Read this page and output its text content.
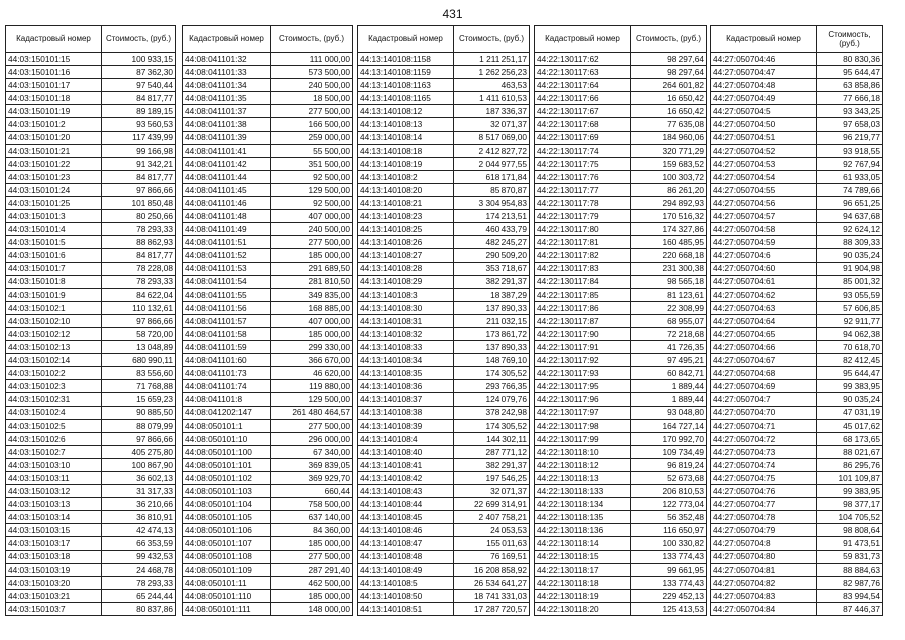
431
Кадастровый номер	Стоимость, (руб.)
44:03:150101:15	100 933,15
44:03:150101:16	87 362,30
44:03:150101:17	97 540,44
44:03:150101:18	84 817,77
44:03:150101:19	89 189,15
44:03:150101:2	93 560,53
44:03:150101:20	117 439,99
44:03:150101:21	99 166,98
44:03:150101:22	91 342,21
44:03:150101:23	84 817,77
44:03:150101:24	97 866,66
44:03:150101:25	101 850,48
44:03:150101:3	80 250,66
44:03:150101:4	78 293,33
44:03:150101:5	88 862,93
44:03:150101:6	84 817,77
44:03:150101:7	78 228,08
44:03:150101:8	78 293,33
44:03:150101:9	84 622,04
44:03:150102:1	110 132,61
44:03:150102:10	97 866,66
44:03:150102:12	58 720,00
44:03:150102:13	13 048,89
44:03:150102:14	680 990,11
44:03:150102:2	83 556,60
44:03:150102:3	71 768,88
44:03:150102:31	15 659,23
44:03:150102:4	90 885,50
44:03:150102:5	88 079,99
44:03:150102:6	97 866,66
44:03:150102:7	405 275,80
44:03:150103:10	100 867,90
44:03:150103:11	36 602,13
44:03:150103:12	31 317,33
44:03:150103:13	36 210,66
44:03:150103:14	36 810,91
44:03:150103:15	42 474,13
44:03:150103:17	66 353,59
44:03:150103:18	99 432,53
44:03:150103:19	24 468,78
44:03:150103:20	78 293,33
44:03:150103:21	65 244,44
44:03:150103:7	80 837,86
Кадастровый номер	Стоимость, (руб.)
44:08:041101:32	111 000,00
44:08:041101:33	573 500,00
44:08:041101:34	240 500,00
44:08:041101:35	18 500,00
44:08:041101:37	277 500,00
44:08:041101:38	166 500,00
44:08:041101:39	259 000,00
44:08:041101:41	55 500,00
44:08:041101:42	351 500,00
44:08:041101:44	92 500,00
44:08:041101:45	129 500,00
44:08:041101:46	92 500,00
44:08:041101:48	407 000,00
44:08:041101:49	240 500,00
44:08:041101:51	277 500,00
44:08:041101:52	185 000,00
44:08:041101:53	291 689,50
44:08:041101:54	281 810,50
44:08:041101:55	349 835,00
44:08:041101:56	168 885,00
44:08:041101:57	407 000,00
44:08:041101:58	185 000,00
44:08:041101:59	299 330,00
44:08:041101:60	366 670,00
44:08:041101:73	46 620,00
44:08:041101:74	119 880,00
44:08:041101:8	129 500,00
44:08:041202:147	261 480 464,57
44:08:050101:1	277 500,00
44:08:050101:10	296 000,00
44:08:050101:100	67 340,00
44:08:050101:101	369 839,05
44:08:050101:102	369 929,70
44:08:050101:103	660,44
44:08:050101:104	758 500,00
44:08:050101:105	637 140,00
44:08:050101:106	84 360,00
44:08:050101:107	185 000,00
44:08:050101:108	277 500,00
44:08:050101:109	287 291,40
44:08:050101:11	462 500,00
44:08:050101:110	185 000,00
44:08:050101:111	148 000,00
Кадастровый номер	Стоимость, (руб.)
44:13:140108:1158	1 211 251,17
44:13:140108:1159	1 262 256,23
44:13:140108:1163	463,53
44:13:140108:1165	1 411 610,53
44:13:140108:12	187 336,37
44:13:140108:13	32 071,37
44:13:140108:14	8 517 069,00
44:13:140108:18	2 412 827,72
44:13:140108:19	2 044 977,55
44:13:140108:2	618 171,84
44:13:140108:20	85 870,87
44:13:140108:21	3 304 954,83
44:13:140108:23	174 213,51
44:13:140108:25	460 433,79
44:13:140108:26	482 245,27
44:13:140108:27	290 509,20
44:13:140108:28	353 718,67
44:13:140108:29	382 291,37
44:13:140108:3	18 387,29
44:13:140108:30	137 890,33
44:13:140108:31	211 032,15
44:13:140108:32	173 861,72
44:13:140108:33	137 890,33
44:13:140108:34	148 769,10
44:13:140108:35	174 305,52
44:13:140108:36	293 766,35
44:13:140108:37	124 079,76
44:13:140108:38	378 242,98
44:13:140108:39	174 305,52
44:13:140108:4	144 302,11
44:13:140108:40	287 771,12
44:13:140108:41	382 291,37
44:13:140108:42	197 546,25
44:13:140108:43	32 071,37
44:13:140108:44	22 699 314,91
44:13:140108:45	2 407 758,21
44:13:140108:46	24 053,53
44:13:140108:47	155 011,63
44:13:140108:48	76 169,51
44:13:140108:49	16 208 858,92
44:13:140108:5	26 534 641,27
44:13:140108:50	18 741 331,03
44:13:140108:51	17 287 720,57
Кадастровый номер	Стоимость, (руб.)
44:22:130117:62	98 297,64
44:22:130117:63	98 297,64
44:22:130117:64	264 601,82
44:22:130117:66	16 650,42
44:22:130117:67	16 650,42
44:22:130117:68	77 635,08
44:22:130117:69	184 960,06
44:22:130117:74	320 771,29
44:22:130117:75	159 683,52
44:22:130117:76	100 303,72
44:22:130117:77	86 261,20
44:22:130117:78	294 892,93
44:22:130117:79	170 516,32
44:22:130117:80	174 327,86
44:22:130117:81	160 485,95
44:22:130117:82	220 668,18
44:22:130117:83	231 300,38
44:22:130117:84	98 565,18
44:22:130117:85	81 123,61
44:22:130117:86	22 308,99
44:22:130117:87	68 955,07
44:22:130117:90	72 218,68
44:22:130117:91	41 726,35
44:22:130117:92	97 495,21
44:22:130117:93	60 842,71
44:22:130117:95	1 889,44
44:22:130117:96	1 889,44
44:22:130117:97	93 048,80
44:22:130117:98	164 727,14
44:22:130117:99	170 992,70
44:22:130118:10	109 734,49
44:22:130118:12	96 819,24
44:22:130118:13	52 673,68
44:22:130118:133	206 810,53
44:22:130118:134	122 773,04
44:22:130118:135	56 352,48
44:22:130118:136	116 650,97
44:22:130118:14	100 330,82
44:22:130118:15	133 774,43
44:22:130118:17	99 661,95
44:22:130118:18	133 774,43
44:22:130118:19	229 452,13
44:22:130118:20	125 413,53
Кадастровый номер	Стоимость, (руб.)
44:27:050704:46	80 830,36
44:27:050704:47	95 644,47
44:27:050704:48	63 858,86
44:27:050704:49	77 666,18
44:27:050704:5	93 343,25
44:27:050704:50	97 658,03
44:27:050704:51	96 219,77
44:27:050704:52	93 918,55
44:27:050704:53	92 767,94
44:27:050704:54	61 933,05
44:27:050704:55	74 789,66
44:27:050704:56	96 651,25
44:27:050704:57	94 637,68
44:27:050704:58	92 624,12
44:27:050704:59	88 309,33
44:27:050704:6	90 035,24
44:27:050704:60	91 904,98
44:27:050704:61	85 001,32
44:27:050704:62	93 055,59
44:27:050704:63	57 606,85
44:27:050704:64	92 911,77
44:27:050704:65	94 062,38
44:27:050704:66	70 618,70
44:27:050704:67	82 412,45
44:27:050704:68	95 644,47
44:27:050704:69	99 383,95
44:27:050704:7	90 035,24
44:27:050704:70	47 031,19
44:27:050704:71	45 017,62
44:27:050704:72	68 173,65
44:27:050704:73	88 021,67
44:27:050704:74	86 295,76
44:27:050704:75	101 109,87
44:27:050704:76	99 383,95
44:27:050704:77	98 377,17
44:27:050704:78	104 705,52
44:27:050704:79	98 808,64
44:27:050704:8	91 473,51
44:27:050704:80	59 831,73
44:27:050704:81	88 884,63
44:27:050704:82	82 987,76
44:27:050704:83	83 994,54
44:27:050704:84	87 446,37
